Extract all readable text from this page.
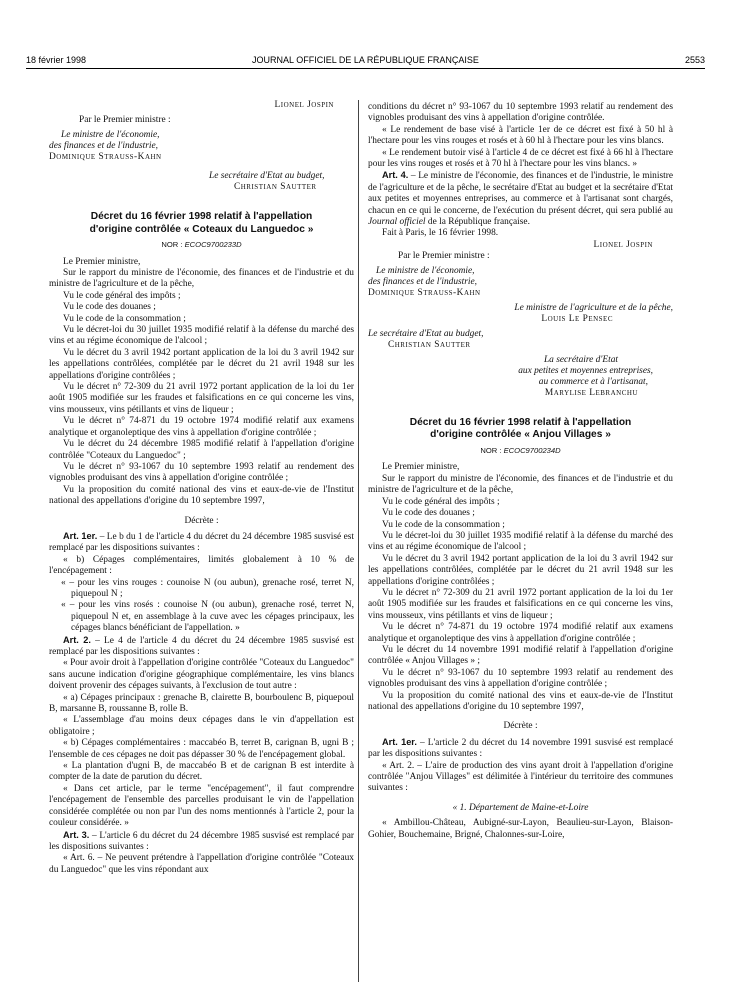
18 février 1998	JOURNAL OFFICIEL DE LA RÉPUBLIQUE FRANÇAISE	2553

Lionel Jospin

Par le Premier ministre :

Le ministre de l'économie,

des finances et de l'industrie,

Dominique Strauss-Kahn

Le secrétaire d'Etat au budget,

Christian Sautter

Décret du 16 février 1998 relatif à l'appellation

d'origine contrôlée « Coteaux du Languedoc »

NOR : ECOC9700233D

Le Premier ministre,

Sur le rapport du ministre de l'économie, des finances et de l'industrie et du ministre de l'agriculture et de la pêche,

Vu le code général des impôts ;

Vu le code des douanes ;

Vu le code de la consommation ;

Vu le décret-loi du 30 juillet 1935 modifié relatif à la défense du marché des vins et au régime économique de l'alcool ;

Vu le décret du 3 avril 1942 portant application de la loi du 3 avril 1942 sur les appellations contrôlées, complétée par le décret du 21 avril 1948 sur les appellations d'origine contrôlées ;

Vu le décret n° 72-309 du 21 avril 1972 portant application de la loi du 1er août 1905 modifiée sur les fraudes et falsifications en ce qui concerne les vins, vins mousseux, vins pétillants et vins de liqueur ;

Vu le décret n° 74-871 du 19 octobre 1974 modifié relatif aux examens analytique et organoleptique des vins à appellation d'origine contrôlée ;

Vu le décret du 24 décembre 1985 modifié relatif à l'appellation d'origine contrôlée "Coteaux du Languedoc" ;

Vu le décret n° 93-1067 du 10 septembre 1993 relatif au rendement des vignobles produisant des vins à appellation d'origine contrôlée ;

Vu la proposition du comité national des vins et eaux-de-vie de l'Institut national des appellations d'origine du 10 septembre 1997,

Décrète :

Art. 1er. – Le b du 1 de l'article 4 du décret du 24 décembre 1985 susvisé est remplacé par les dispositions suivantes :

« b) Cépages complémentaires, limités globalement à 10 % de l'encépagement :

« – pour les vins rouges : counoise N (ou aubun), grenache rosé, terret N, piquepoul N ;

« – pour les vins rosés : counoise N (ou aubun), grenache rosé, terret N, piquepoul N et, en assemblage à la cuve avec les cépages principaux, les cépages blancs bénéficiant de l'appellation. »

Art. 2. – Le 4 de l'article 4 du décret du 24 décembre 1985 susvisé est remplacé par les dispositions suivantes :

« Pour avoir droit à l'appellation d'origine contrôlée "Coteaux du Languedoc" sans aucune indication d'origine géographique complémentaire, les vins blancs doivent provenir des cépages suivants, à l'exclusion de tout autre :

« a) Cépages principaux : grenache B, clairette B, bourboulenc B, piquepoul B, marsanne B, roussanne B, rolle B.

« L'assemblage d'au moins deux cépages dans le vin d'appellation est obligatoire ;

« b) Cépages complémentaires : maccabéo B, terret B, carignan B, ugni B ; l'ensemble de ces cépages ne doit pas dépasser 30 % de l'encépagement global.

« La plantation d'ugni B, de maccabéo B et de carignan B est interdite à compter de la date de parution du décret.

« Dans cet article, par le terme "encépagement", il faut comprendre l'encépagement de l'ensemble des parcelles produisant le vin de l'appellation considérée complétée ou non par l'un des noms mentionnés à l'article 2, pour la couleur considérée. »

Art. 3. – L'article 6 du décret du 24 décembre 1985 susvisé est remplacé par les dispositions suivantes :

« Art. 6. – Ne peuvent prétendre à l'appellation d'origine contrôlée "Coteaux du Languedoc" que les vins répondant aux

conditions du décret n° 93-1067 du 10 septembre 1993 relatif au rendement des vignobles produisant des vins à appellation d'origine contrôlée.

« Le rendement de base visé à l'article 1er de ce décret est fixé à 50 hl à l'hectare pour les vins rouges et rosés et à 60 hl à l'hectare pour les vins blancs.

« Le rendement butoir visé à l'article 4 de ce décret est fixé à 66 hl à l'hectare pour les vins rouges et rosés et à 70 hl à l'hectare pour les vins blancs. »

Art. 4. – Le ministre de l'économie, des finances et de l'industrie, le ministre de l'agriculture et de la pêche, le secrétaire d'Etat au budget et la secrétaire d'Etat aux petites et moyennes entreprises, au commerce et à l'artisanat sont chargés, chacun en ce qui le concerne, de l'exécution du présent décret, qui sera publié au Journal officiel de la République française.

Fait à Paris, le 16 février 1998.

Lionel Jospin

Par le Premier ministre :

Le ministre de l'économie,

des finances et de l'industrie,

Dominique Strauss-Kahn

Le ministre de l'agriculture et de la pêche,

Louis Le Pensec

Le secrétaire d'Etat au budget,

Christian Sautter

La secrétaire d'Etat

aux petites et moyennes entreprises,

au commerce et à l'artisanat,

Marylise Lebranchu

Décret du 16 février 1998 relatif à l'appellation

d'origine contrôlée « Anjou Villages »

NOR : ECOC9700234D

Le Premier ministre,

Sur le rapport du ministre de l'économie, des finances et de l'industrie et du ministre de l'agriculture et de la pêche,

Vu le code général des impôts ;

Vu le code des douanes ;

Vu le code de la consommation ;

Vu le décret-loi du 30 juillet 1935 modifié relatif à la défense du marché des vins et au régime économique de l'alcool ;

Vu le décret du 3 avril 1942 portant application de la loi du 3 avril 1942 sur les appellations contrôlées, complétée par le décret du 21 avril 1948 sur les appellations d'origine contrôlées ;

Vu le décret n° 72-309 du 21 avril 1972 portant application de la loi du 1er août 1905 modifiée sur les fraudes et falsifications en ce qui concerne les vins, vins mousseux, vins pétillants et vins de liqueur ;

Vu le décret n° 74-871 du 19 octobre 1974 modifié relatif aux examens analytique et organoleptique des vins à appellation d'origine contrôlée ;

Vu le décret du 14 novembre 1991 modifié relatif à l'appellation d'origine contrôlée « Anjou Villages » ;

Vu le décret n° 93-1067 du 10 septembre 1993 relatif au rendement des vignobles produisant des vins à appellation d'origine contrôlée ;

Vu la proposition du comité national des vins et eaux-de-vie de l'Institut national des appellations d'origine du 10 septembre 1997,

Décrète :

Art. 1er. – L'article 2 du décret du 14 novembre 1991 susvisé est remplacé par les dispositions suivantes :

« Art. 2. – L'aire de production des vins ayant droit à l'appellation d'origine contrôlée "Anjou Villages" est délimitée à l'intérieur du territoire des communes suivantes :

« 1. Département de Maine-et-Loire

« Ambillou-Château, Aubigné-sur-Layon, Beaulieu-sur-Layon, Blaison-Gohier, Bouchemaine, Brigné, Chalonnes-sur-Loire,
